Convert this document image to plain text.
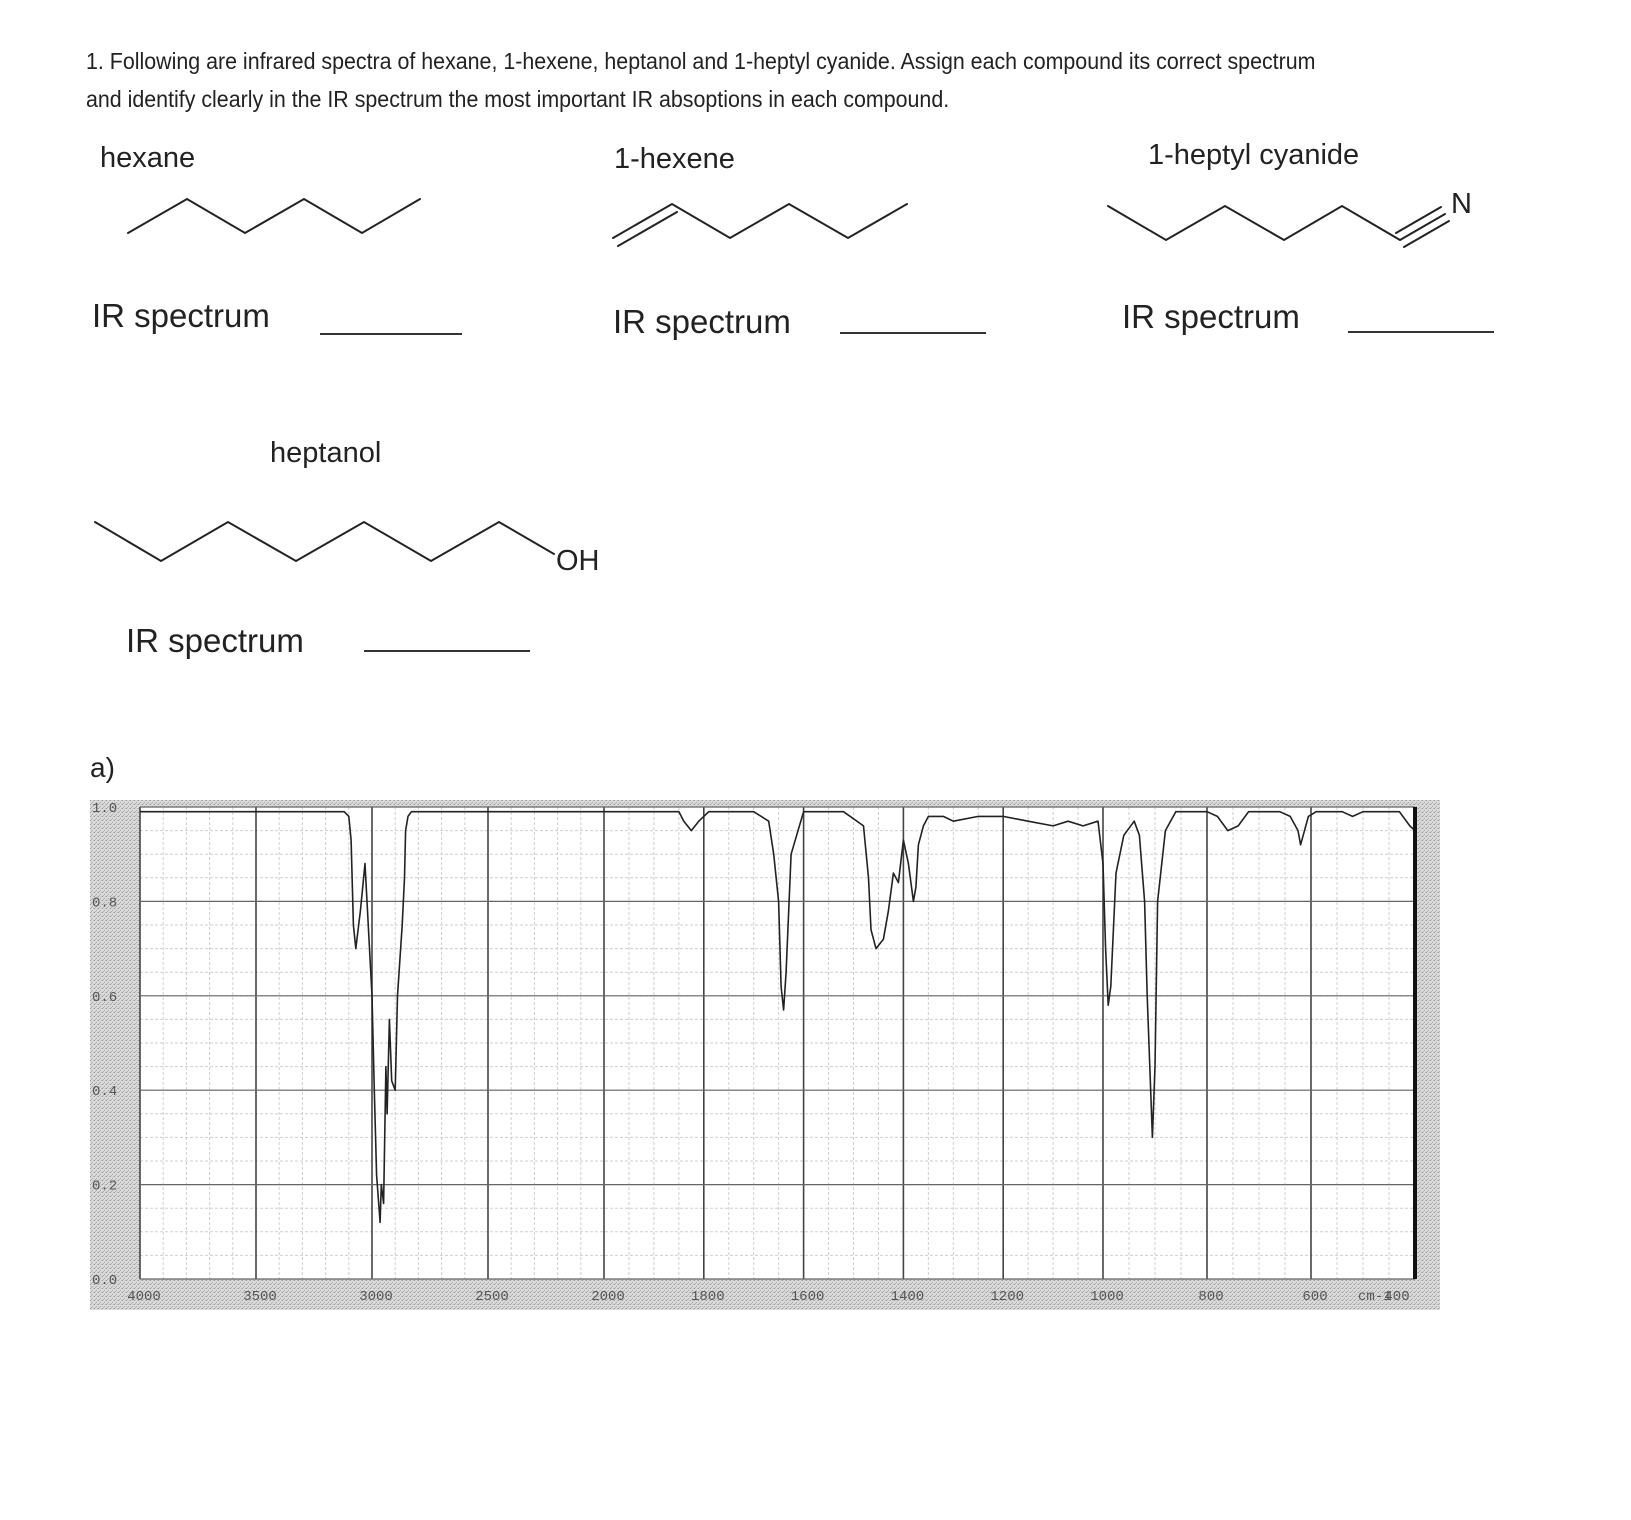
1. Following are infrared spectra of hexane, 1-hexene, heptanol and 1-heptyl cyanide. Assign each compound its correct spectrum
and identify clearly in the IR spectrum the most important IR absoptions in each compound.
N
OH
hexane	1-hexene	1-heptyl cyanide
heptanol
IR spectrum	IR spectrum	IR spectrum
IR spectrum
a)
0.0
0.2
0.4
0.6
0.8
1.0
4000	3500	3000	2500	2000	1800	1600	1400	1200	1000	800	600	400
cm-1
